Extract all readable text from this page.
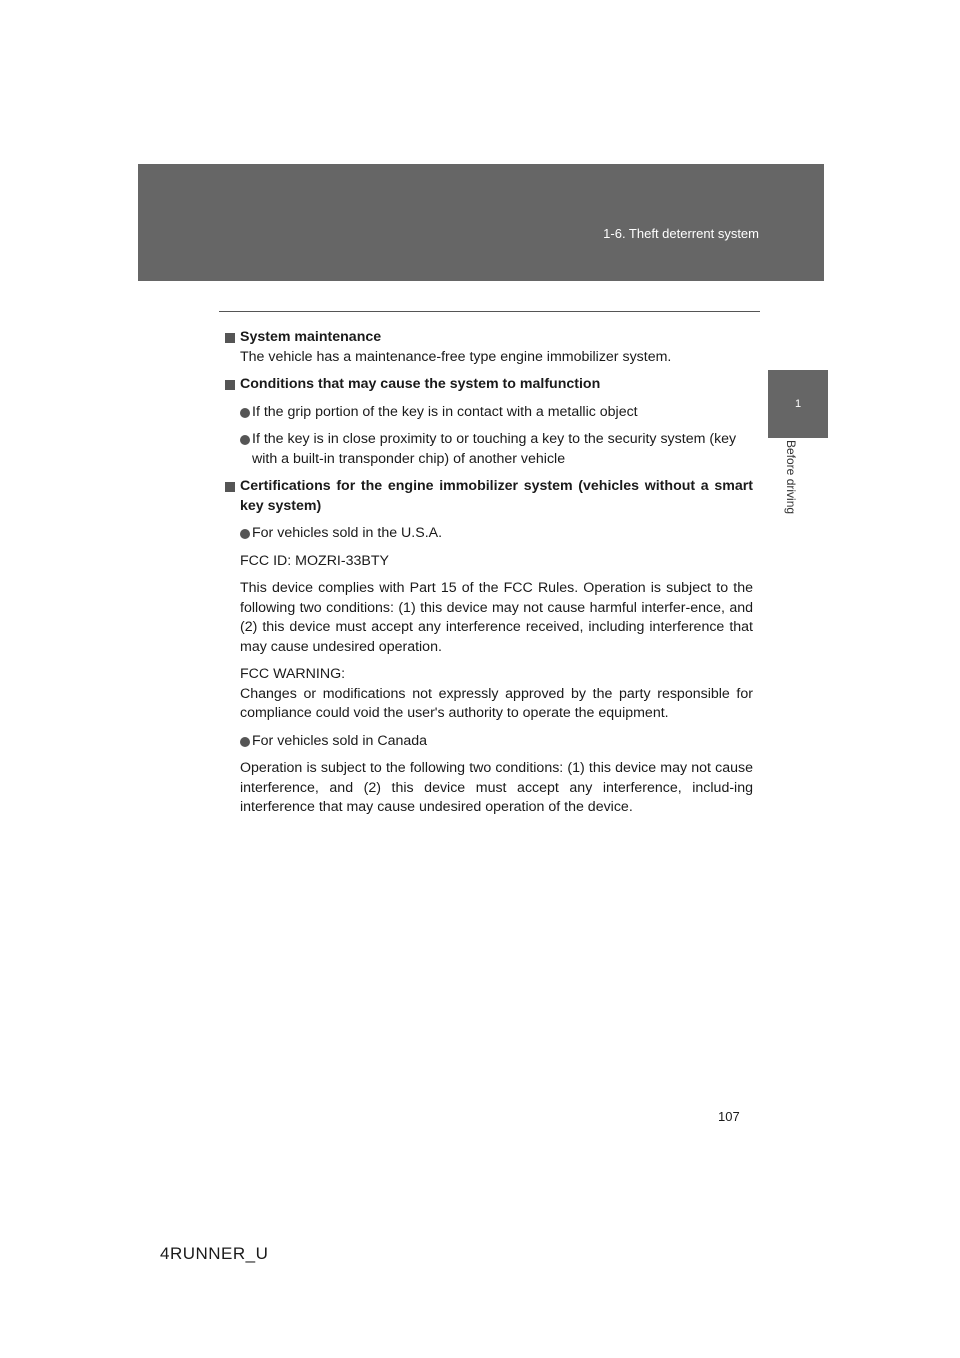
1-6. Theft deterrent system
1
Before driving
System maintenance
The vehicle has a maintenance-free type engine immobilizer system.
Conditions that may cause the system to malfunction
If the grip portion of the key is in contact with a metallic object
If the key is in close proximity to or touching a key to the security system (key with a built-in transponder chip) of another vehicle
Certifications for the engine immobilizer system (vehicles without a smart key system)
For vehicles sold in the U.S.A.
FCC ID: MOZRI-33BTY
This device complies with Part 15 of the FCC Rules. Operation is subject to the following two conditions: (1) this device may not cause harmful interfer-ence, and (2) this device must accept any interference received, including interference that may cause undesired operation.
FCC WARNING:
Changes or modifications not expressly approved by the party responsible for compliance could void the user's authority to operate the equipment.
For vehicles sold in Canada
Operation is subject to the following two conditions: (1) this device may not cause interference, and (2) this device must accept any interference, includ-ing interference that may cause undesired operation of the device.
107
4RUNNER_U
